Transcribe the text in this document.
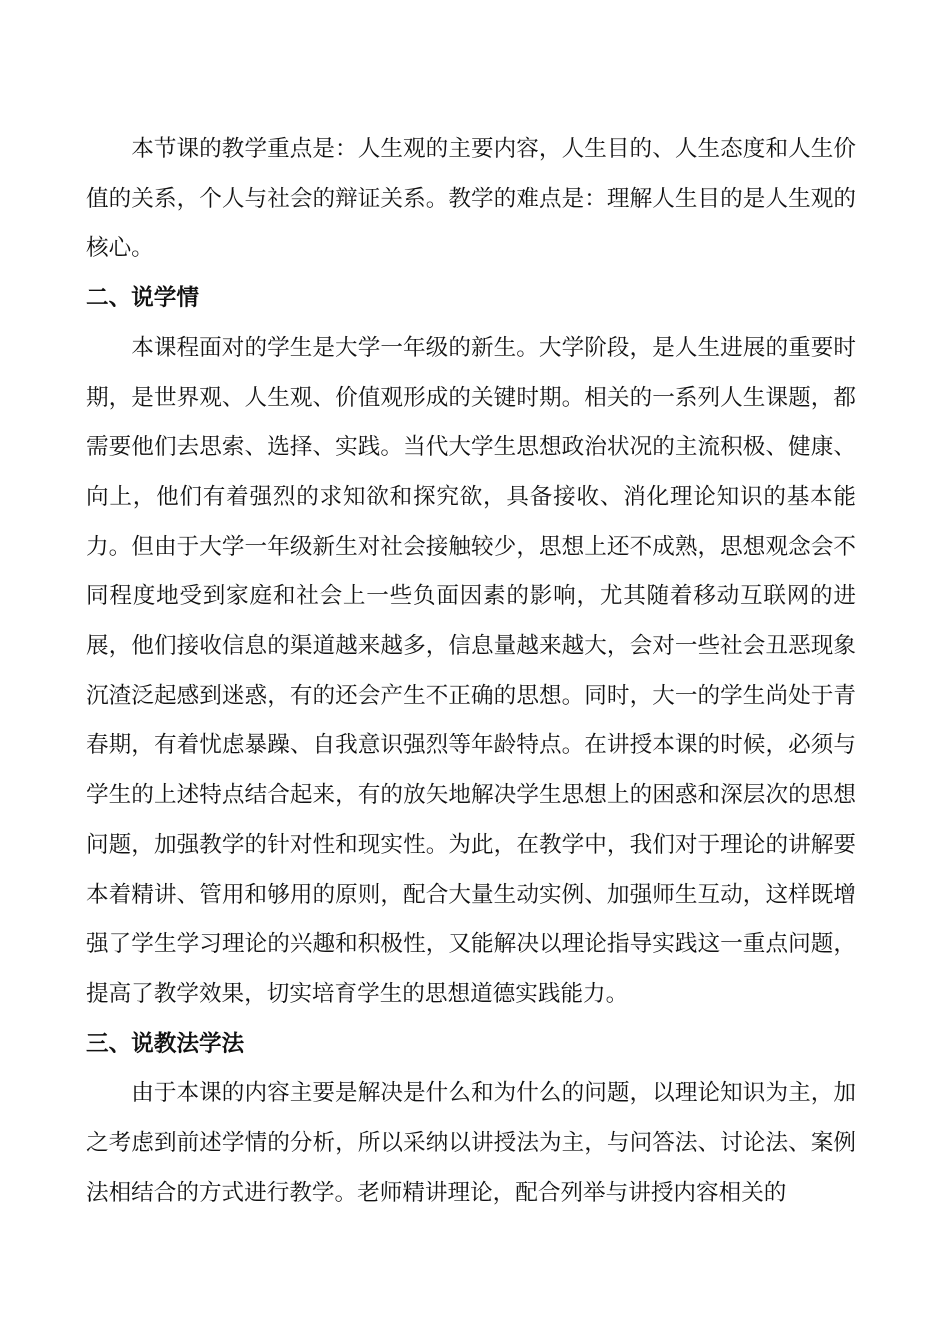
本节课的教学重点是：人生观的主要内容，人生目的、人生态度和人生价值的关系，个人与社会的辩证关系。教学的难点是：理解人生目的是人生观的核心。

二、说学情

本课程面对的学生是大学一年级的新生。大学阶段，是人生进展的重要时期，是世界观、人生观、价值观形成的关键时期。相关的一系列人生课题，都需要他们去思索、选择、实践。当代大学生思想政治状况的主流积极、健康、向上，他们有着强烈的求知欲和探究欲，具备接收、消化理论知识的基本能力。但由于大学一年级新生对社会接触较少，思想上还不成熟，思想观念会不同程度地受到家庭和社会上一些负面因素的影响，尤其随着移动互联网的进展，他们接收信息的渠道越来越多，信息量越来越大，会对一些社会丑恶现象沉渣泛起感到迷惑，有的还会产生不正确的思想。同时，大一的学生尚处于青春期，有着忧虑暴躁、自我意识强烈等年龄特点。在讲授本课的时候，必须与学生的上述特点结合起来，有的放矢地解决学生思想上的困惑和深层次的思想问题，加强教学的针对性和现实性。为此，在教学中，我们对于理论的讲解要本着精讲、管用和够用的原则，配合大量生动实例、加强师生互动，这样既增强了学生学习理论的兴趣和积极性，又能解决以理论指导实践这一重点问题，提高了教学效果，切实培育学生的思想道德实践能力。

三、说教法学法

由于本课的内容主要是解决是什么和为什么的问题，以理论知识为主，加之考虑到前述学情的分析，所以采纳以讲授法为主，与问答法、讨论法、案例法相结合的方式进行教学。老师精讲理论，配合列举与讲授内容相关的
